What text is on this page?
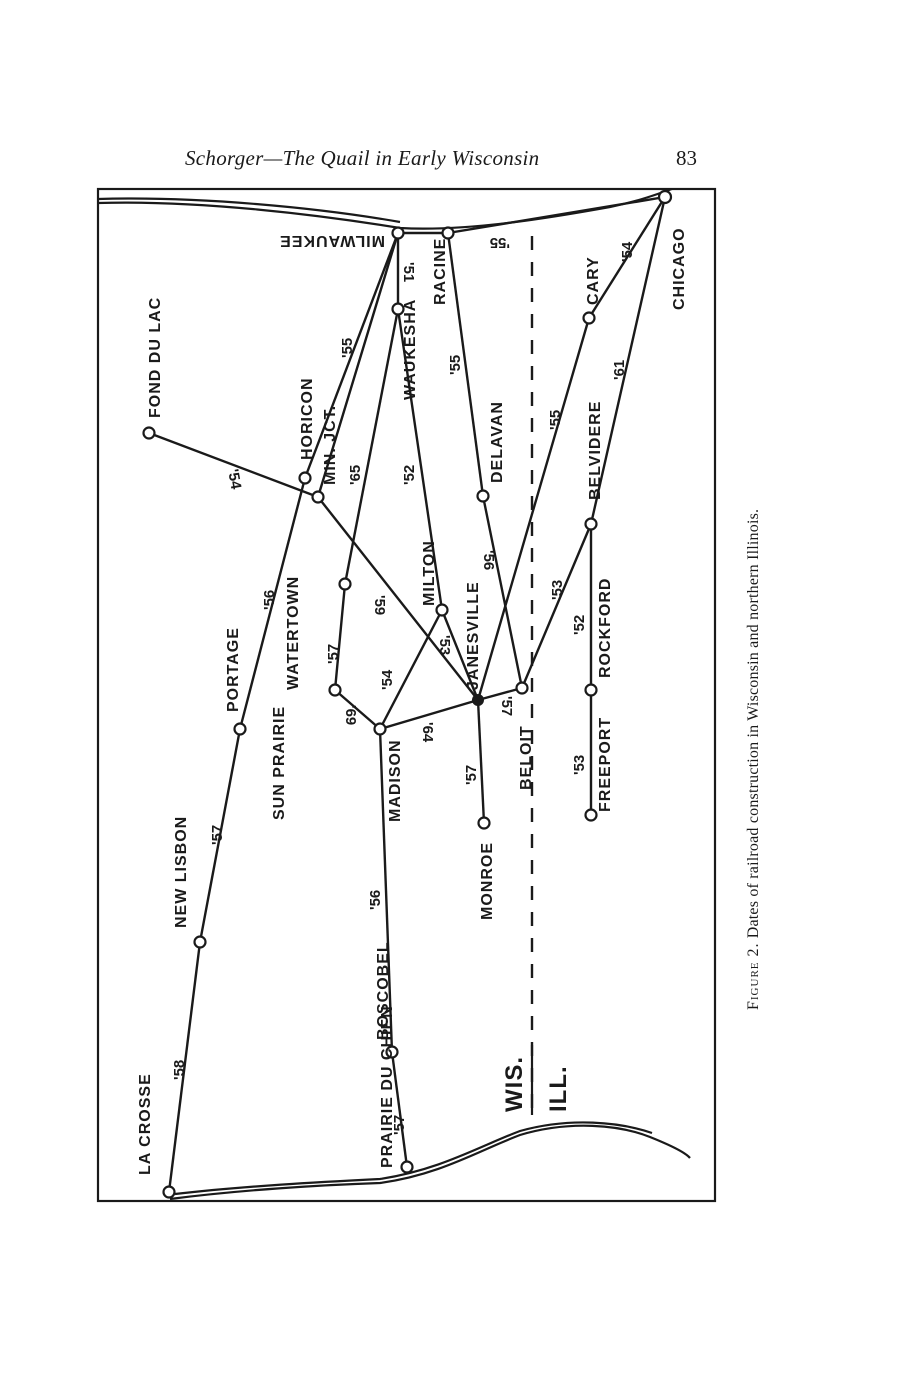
Schorger—The Quail in Early Wisconsin	83
LA CROSSE
NEW LISBON
PORTAGE
HORICON
FOND DU LAC
MILWAUKEE	RACINE
WAUKESHA
MIN. JCT.
WATERTOWN
SUN PRAIRIE	MADISON
MILTON
JANESVILLE
DELAVAN
BELOIT
MONROE
PRAIRIE DU CHIEN
BOSCOBEL
CARY	CHICAGO
BELVIDERE
ROCKFORD
FREEPORT
'58
'57
'56
'55
'54	'65
'51
'52
'55
'55
'57
'69
'59
'54
'53
'56
'64
'57
'57
'56
'57
'55
'54
'61
'53
'52
'53
WIS. ILL.
Figure 2. Dates of railroad construction in Wisconsin and northern Illinois.
